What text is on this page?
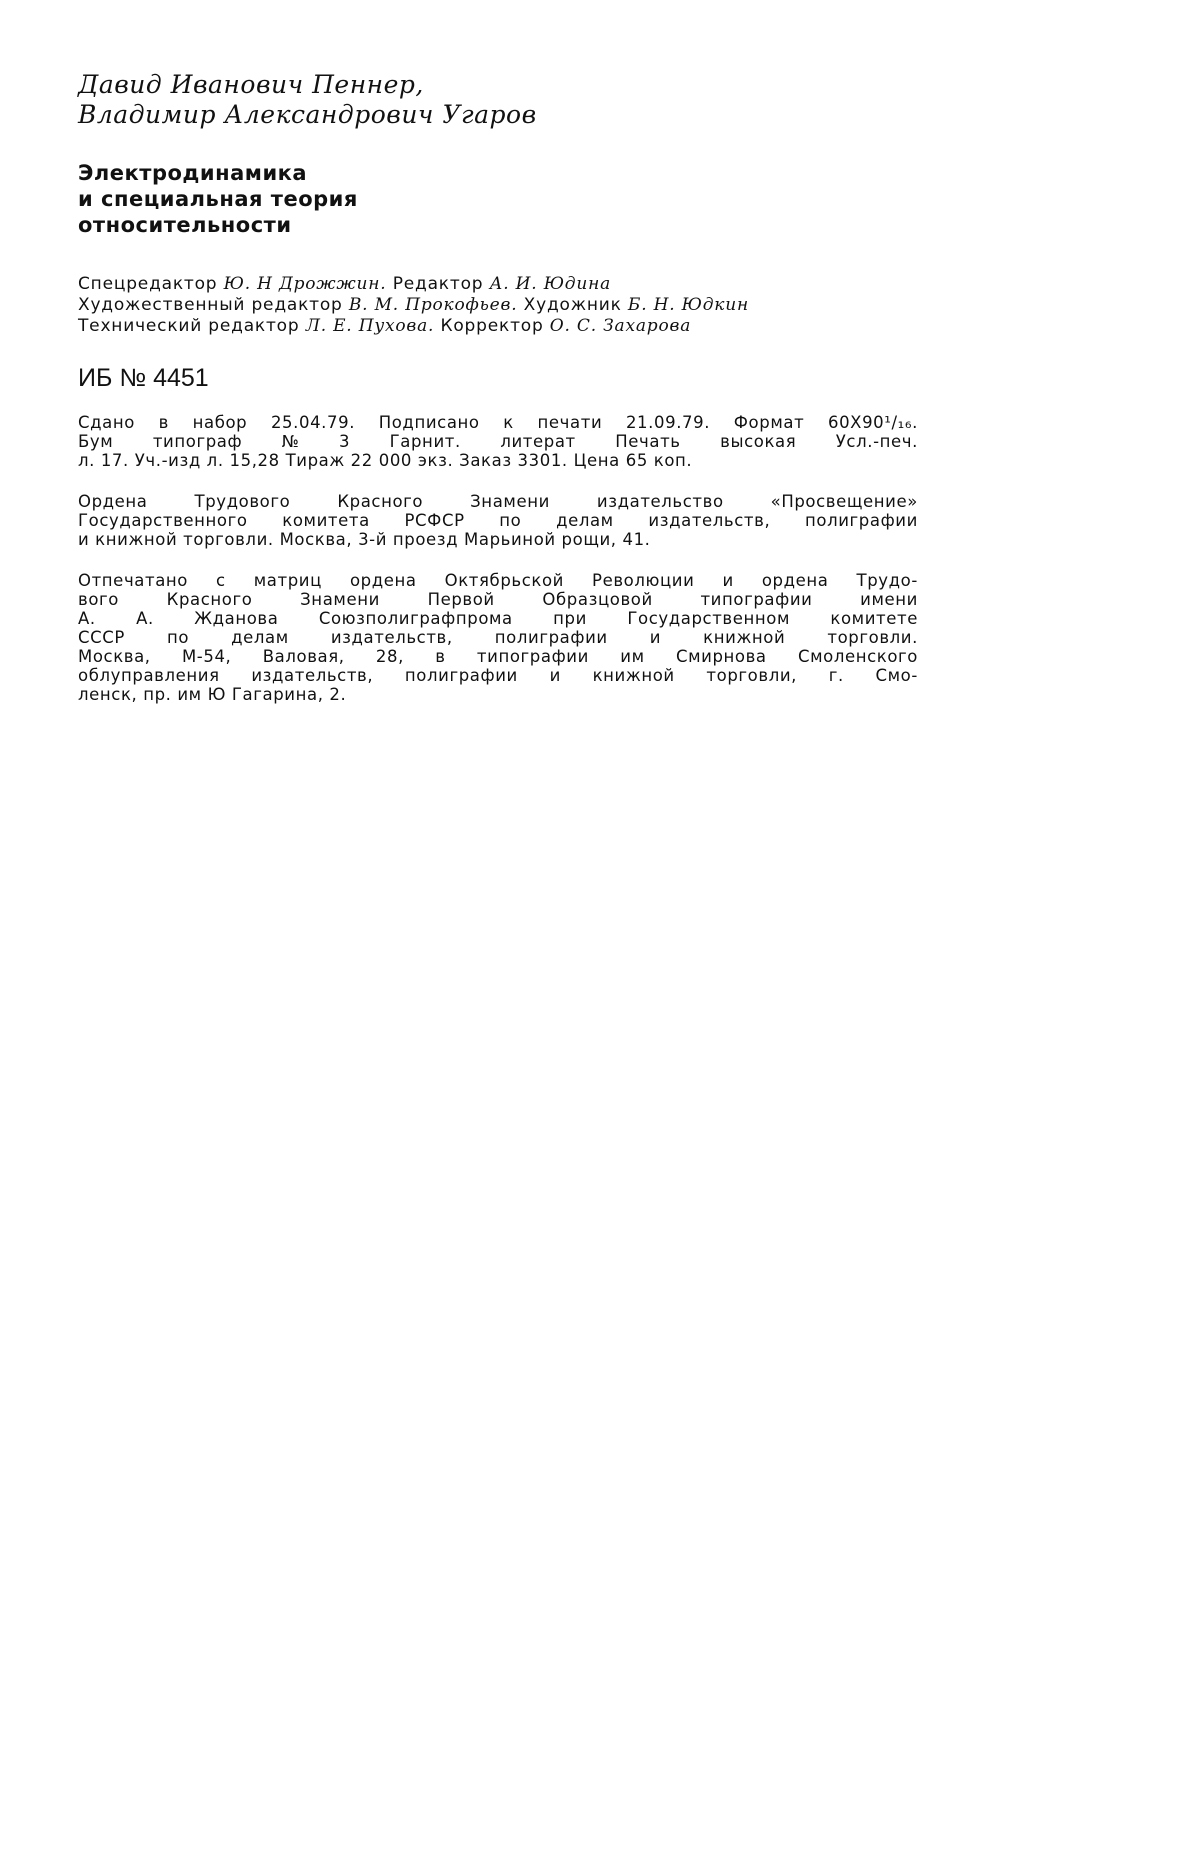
Давид Иванович Пеннер,
Владимир Александрович Угаров
Электродинамика
и специальная теория
относительности
Спецредактор Ю. Н Дрожжин. Редактор А. И. Юдина
Художественный редактор В. М. Прокофьев. Художник Б. Н. Юдкин
Технический редактор Л. Е. Пухова. Корректор О. С. Захарова
ИБ № 4451
Сдано в набор 25.04.79. Подписано к печати 21.09.79. Формат 60X90¹/₁₆.
Бум типограф № 3 Гарнит. литерат Печать высокая Усл.-печ.
л. 17. Уч.-изд л. 15,28 Тираж 22 000 экз. Заказ 3301. Цена 65 коп.
Ордена	Трудового	Красного	Знамени	издательство	«Просвещение»
Государственного комитета РСФСР по делам издательств, полиграфии
и книжной торговли. Москва, 3-й проезд Марьиной рощи, 41.
Отпечатано с матриц ордена Октябрьской Революции и ордена Трудо-
вого	Красного	Знамени	Первой	Образцовой	типографии	имени
А. А. Жданова Союзполиграфпрома при Государственном комитете
СССР	по	делам	издательств,	полиграфии	и	книжной	торговли.
Москва, М-54, Валовая, 28, в типографии им Смирнова Смоленского
облуправления издательств, полиграфии и книжной торговли, г. Смо-
ленск, пр. им Ю Гагарина, 2.
